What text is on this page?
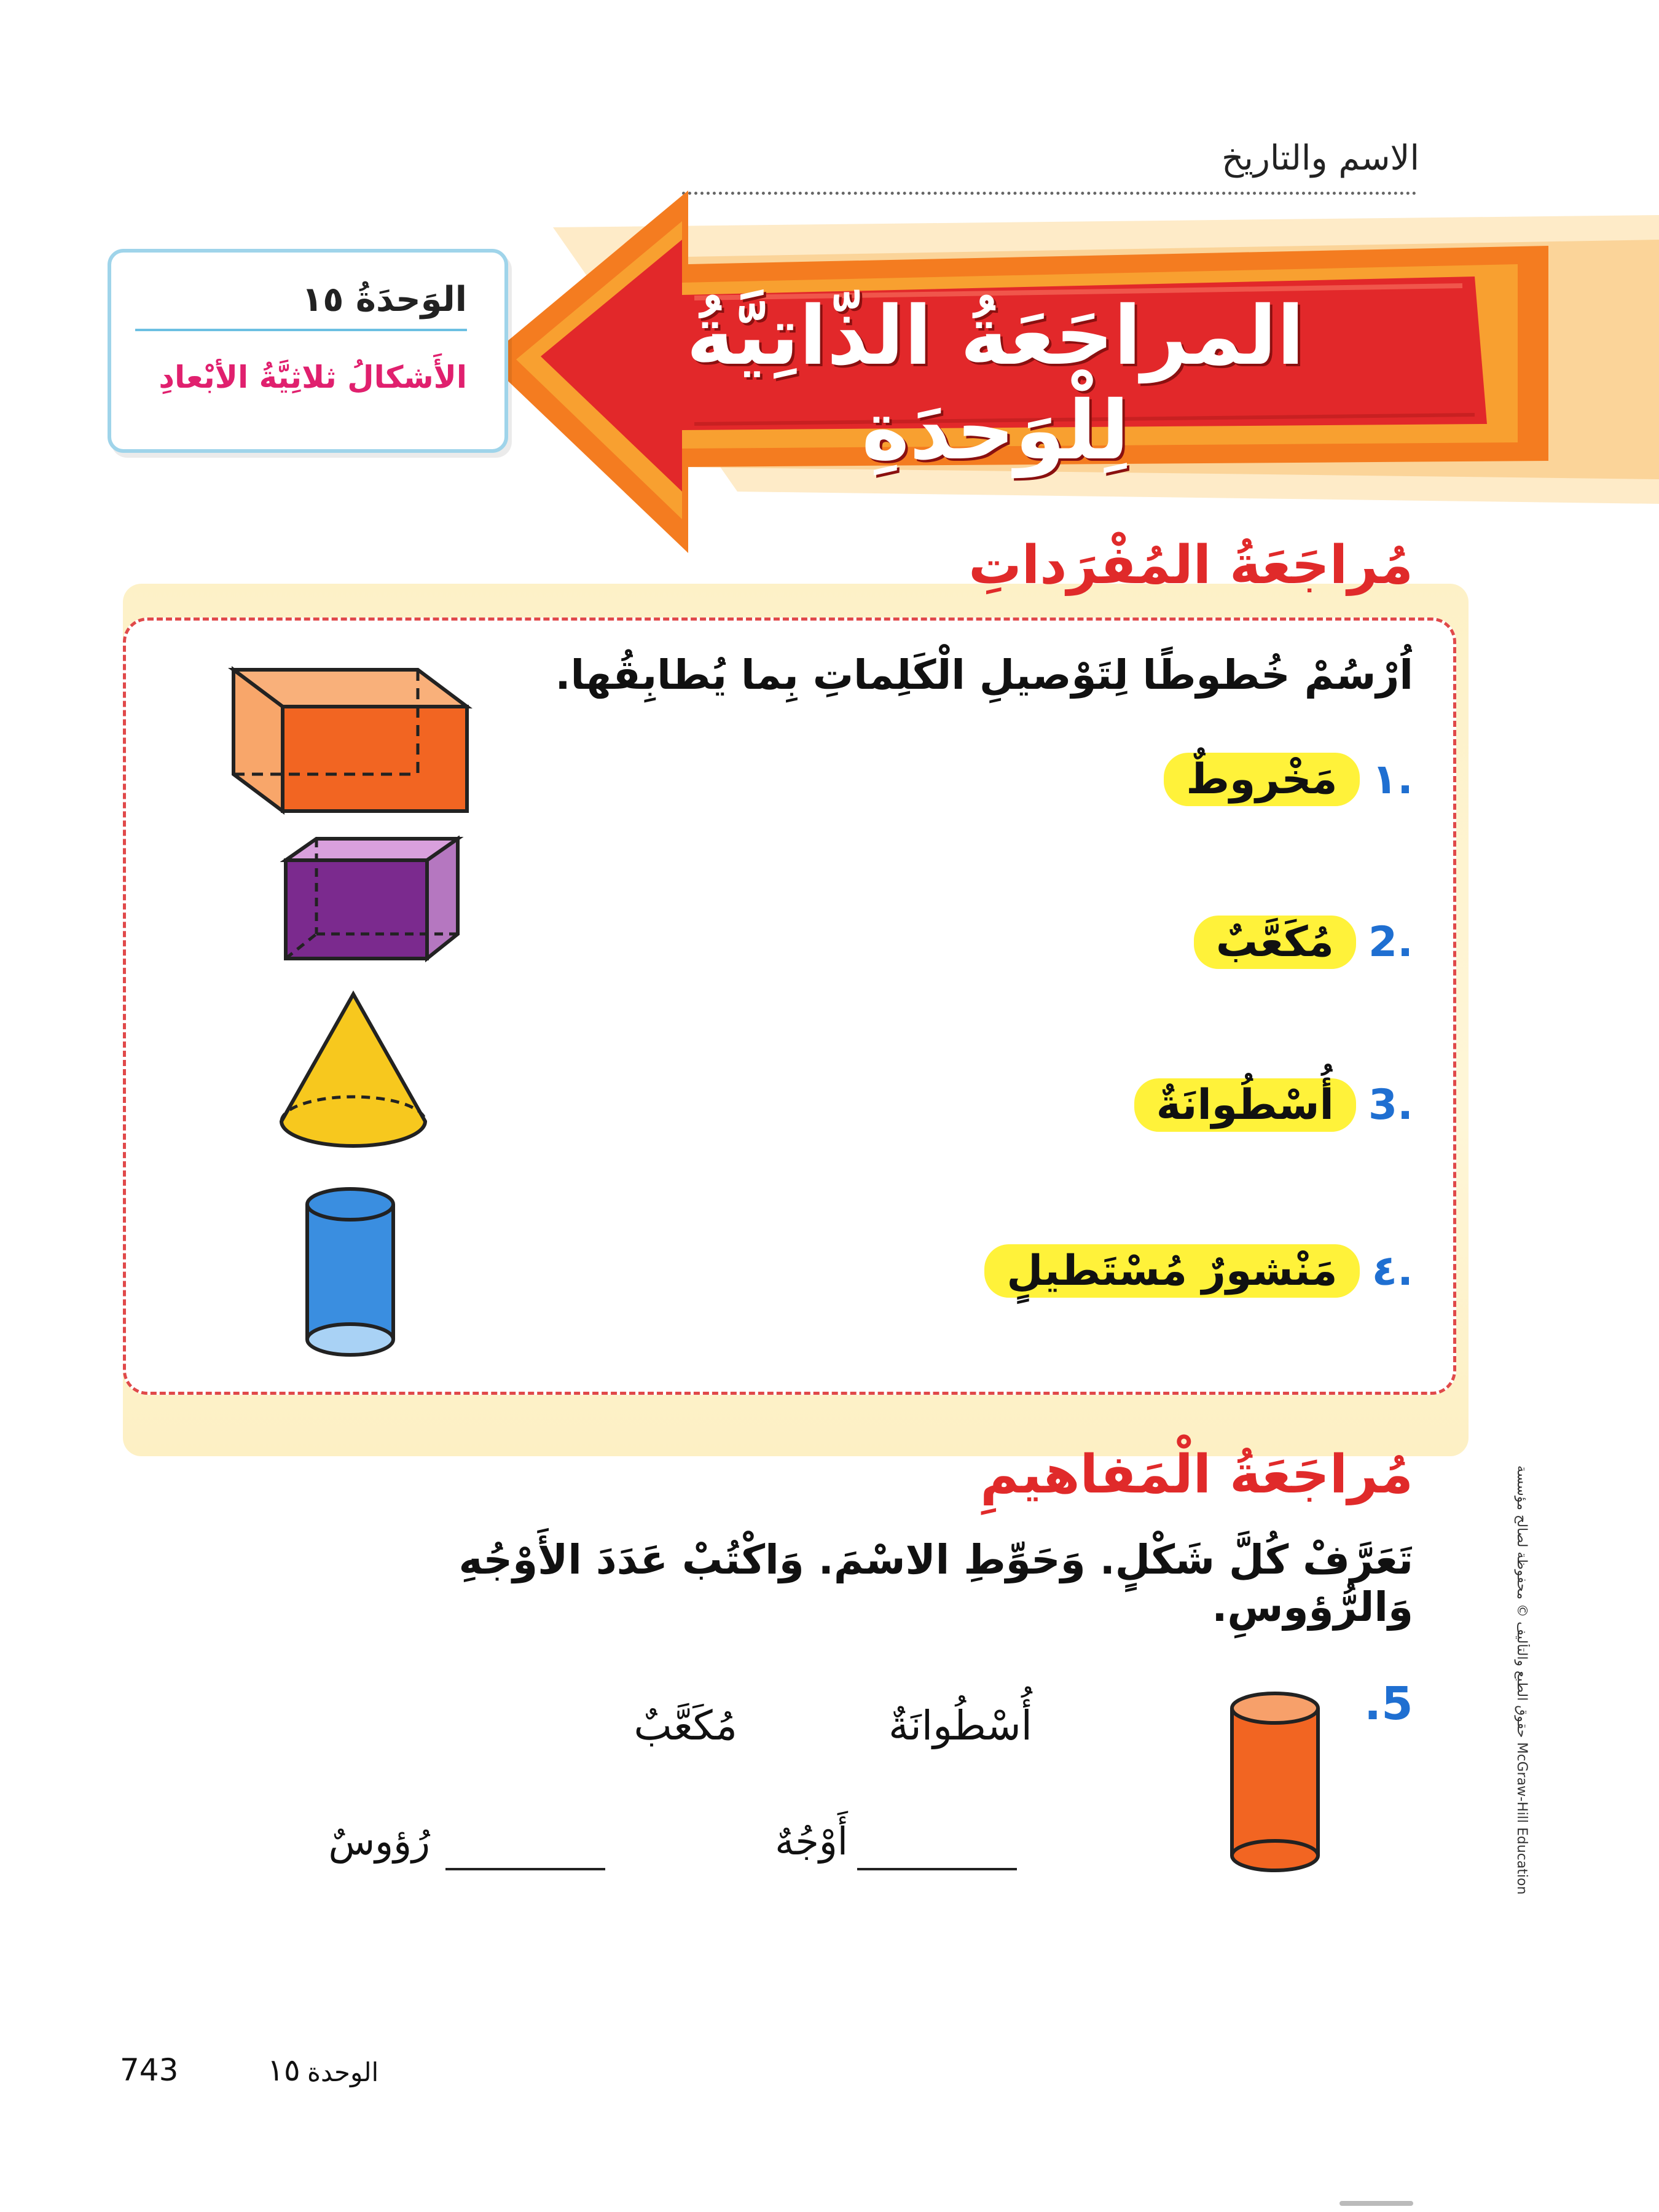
الاسم والتاريخ
المراجَعَةُ الذّاتِيَّةُ لِلْوَحدَةِ
الوَحدَةُ ١٥
الأَشكالُ ثلاثِيَّةُ الأبْعادِ
مُراجَعَةُ المُفْرَداتِ
اُرْسُمْ خُطوطًا لِتَوْصيلِ الْكَلِماتِ بِما يُطابِقُها.
.١مَخْروطٌ
.2مُكَعَّبٌ
.3أُسْطُوانَةٌ
.٤مَنْشورٌ مُسْتَطيلٍ
مُراجَعَةُ الْمَفاهيمِ
تَعَرَّفْ كُلَّ شَكْلٍ. وَحَوِّطِ الاسْمَ. وَاكْتُبْ عَدَدَ الأَوْجُهِ وَالرُّؤوسِ.
.5
أُسْطُوانَةٌ
مُكَعَّبٌ
أَوْجُهٌ
رُؤوسٌ
حقوق الطبع والتأليف © محفوظة لصالح مؤسسة McGraw-Hill Education
743	١٥ الوحدة
